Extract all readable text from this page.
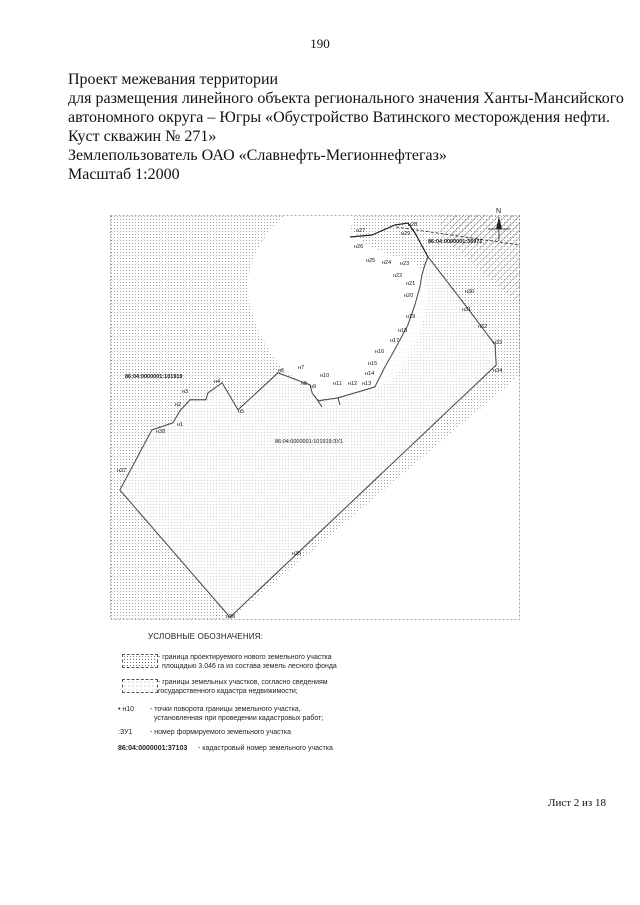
190
Проект межевания территории
для размещения линейного объекта регионального значения Ханты-Мансийского
автономного округа – Югры «Обустройство Ватинского месторождения нефти.
Куст скважин № 271»
Землепользователь ОАО «Славнефть-Мегионнефтегаз»
Масштаб 1:2000
N
86:04:0000001:101919
86:04:0000001:36971
86:04:0000001:101919:ЗУ1
н1
н2
н3
н4
н5
н6	н7
н8 н9
н10
н11 н12 н13
н14
н15
н16
н17
н18
н19
н20
н21
н22
н23
н24
н25
н26
н27
н28
н29
н30
н31
н32
н33
н34
н35
н36
н37
н38
УСЛОВНЫЕ ОБОЗНАЧЕНИЯ:
- граница проектируемого нового земельного участка
площадью 3.046 га из состава земель лесного фонда
- границы земельных участков, согласно сведениям
государственного кадастра недвижимости;
• н10 - точки поворота границы земельного участка,
установленная при проведении кадастровых работ;
:ЗУ1	- номер формируемого земельного участка
86:04:0000001:37103 - кадастровый номер земельного участка
Лист 2 из 18
